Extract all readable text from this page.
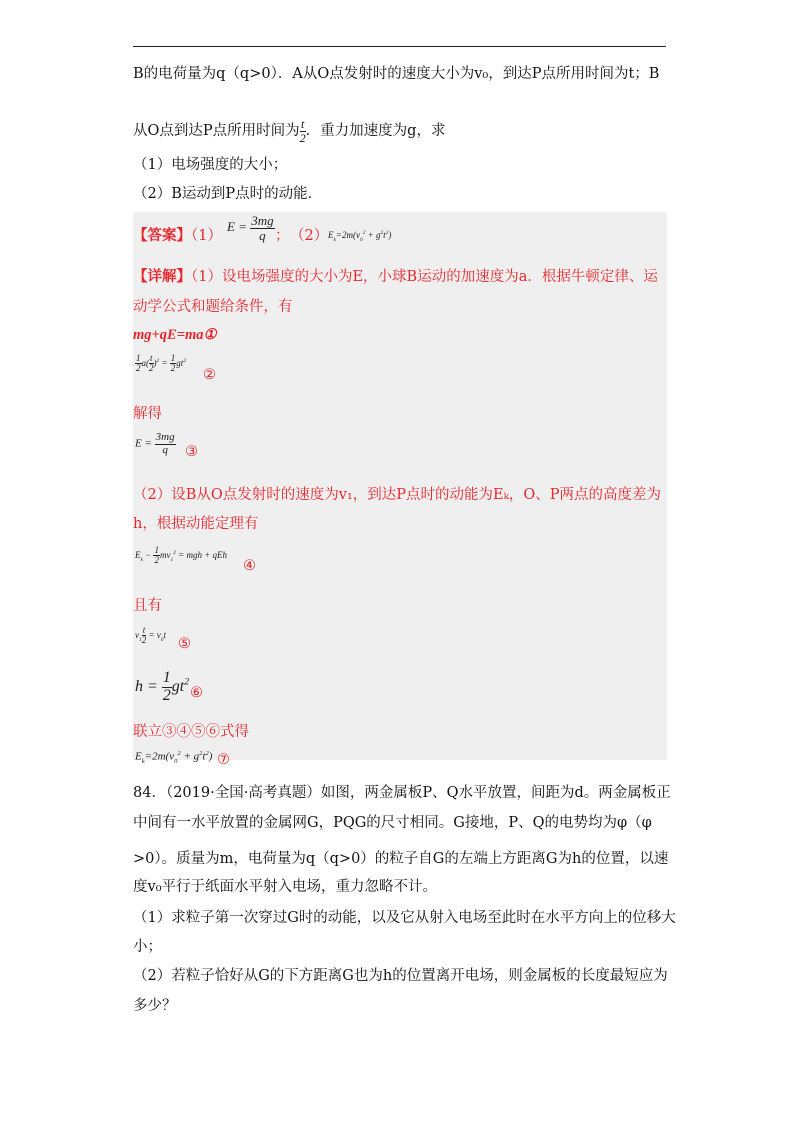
B的电荷量为q（q>0）．A从O点发射时的速度大小为v₀，到达P点所用时间为t；B
从O点到达P点所用时间为 $\frac{t}{2}$ ．重力加速度为g，求
（1）电场强度的大小；
（2）B运动到P点时的动能．
【答案】（1）
$E = \frac{3mg}{q}$ ； （2） $E_k=2m(v_0^2 + g^2t^2)$
【详解】（1）设电场强度的大小为E，小球B运动的加速度为a．根据牛顿定律、运
动学公式和题给条件，有
mg+qE=ma①
$\frac{1}{2} a( \frac{t}{2} )^2 = \frac{1}{2} gt^2$
②
解得
$E = \frac{3mg}{q}$ ③
（2）设B从O点发射时的速度为v₁，到达P点时的动能为Eₖ，O、P两点的高度差为
h，根据动能定理有
$E_k - \frac{1}{2} mv_1^2$ = mgh + qEh
④
且有
$v_1 \frac{t}{2} = v_0t$
⑤
$h = \frac{1}{2} gt^2$
⑥
联立③④⑤⑥式得
$E_k=2m(v_0^2 + g^2t^2)$ ⑦
84．（2019·全国·高考真题）如图，两金属板P、Q水平放置，间距为d。两金属板正
中间有一水平放置的金属网G，PQG的尺寸相同。G接地，P、Q的电势均为φ（φ
>0）。质量为m，电荷量为q（q>0）的粒子自G的左端上方距离G为h的位置，以速
度v₀平行于纸面水平射入电场，重力忽略不计。
（1）求粒子第一次穿过G时的动能，以及它从射入电场至此时在水平方向上的位移大
小；
（2）若粒子恰好从G的下方距离G也为h的位置离开电场，则金属板的长度最短应为
多少？
